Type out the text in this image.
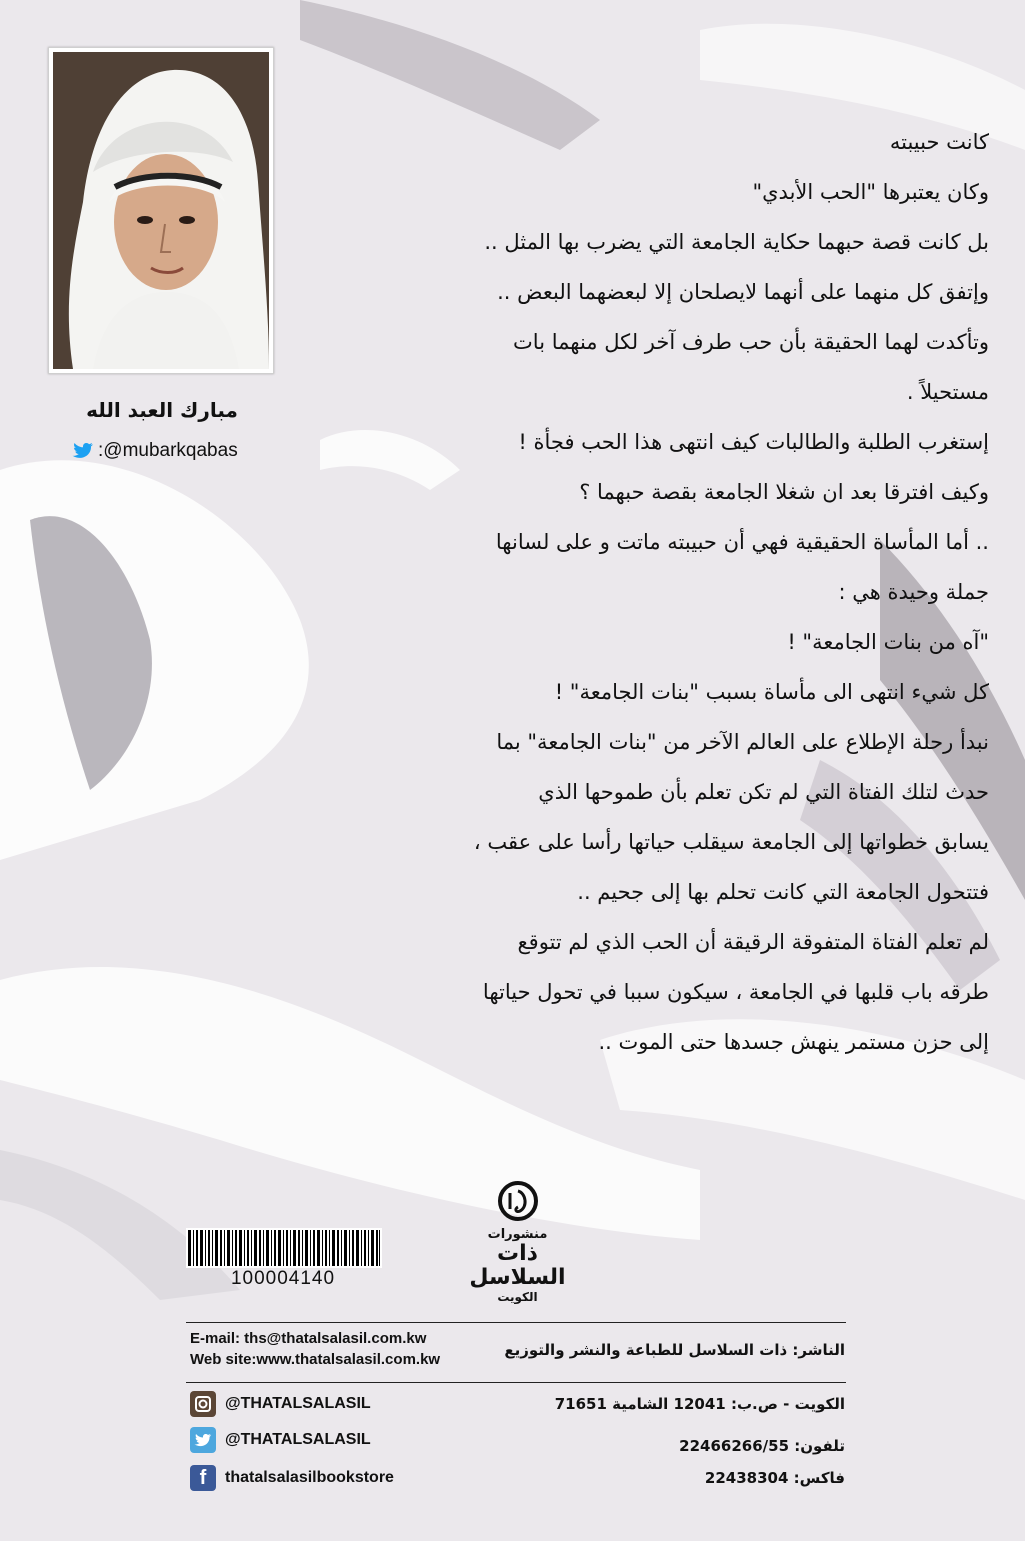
مبارك العبد الله
:@mubarkqabas
كانت حبيبته
وكان يعتبرها "الحب الأبدي"
بل كانت قصة حبهما حكاية الجامعة التي يضرب بها المثل ..
وإتفق كل منهما على أنهما لايصلحان إلا لبعضهما البعض ..
وتأكدت لهما الحقيقة بأن حب طرف آخر لكل منهما بات
مستحيلاً .
إستغرب الطلبة والطالبات كيف انتهى هذا الحب فجأة !
وكيف افترقا بعد ان شغلا الجامعة بقصة حبهما ؟
.. أما المأساة الحقيقية فهي أن حبيبته ماتت و على لسانها
جملة وحيدة هي :
"آه من بنات الجامعة" !
كل شيء انتهى الى مأساة بسبب "بنات الجامعة" !
نبدأ رحلة الإطلاع على العالم الآخر من "بنات الجامعة" بما
حدث لتلك الفتاة التي لم تكن تعلم بأن طموحها الذي
يسابق خطواتها إلى الجامعة سيقلب حياتها رأسا على عقب ،
فتتحول الجامعة التي كانت تحلم بها إلى جحيم ..
لم تعلم الفتاة المتفوقة الرقيقة أن الحب الذي لم تتوقع
طرقه باب قلبها في الجامعة ، سيكون سببا في تحول حياتها
إلى حزن مستمر ينهش جسدها حتى الموت ..
100004140
منشورات
ذات السلاسل
الكويت
E-mail: ths@thatalsalasil.com.kw
Web site:www.thatalsalasil.com.kw
الناشر: ذات السلاسل للطباعة والنشر والتوزيع
الكويت - ص.ب: 12041 الشامية 71651
تلفون: 22466266/55
فاكس: 22438304
@THATALSALASIL
@THATALSALASIL
f	thatalsalasilbookstore
